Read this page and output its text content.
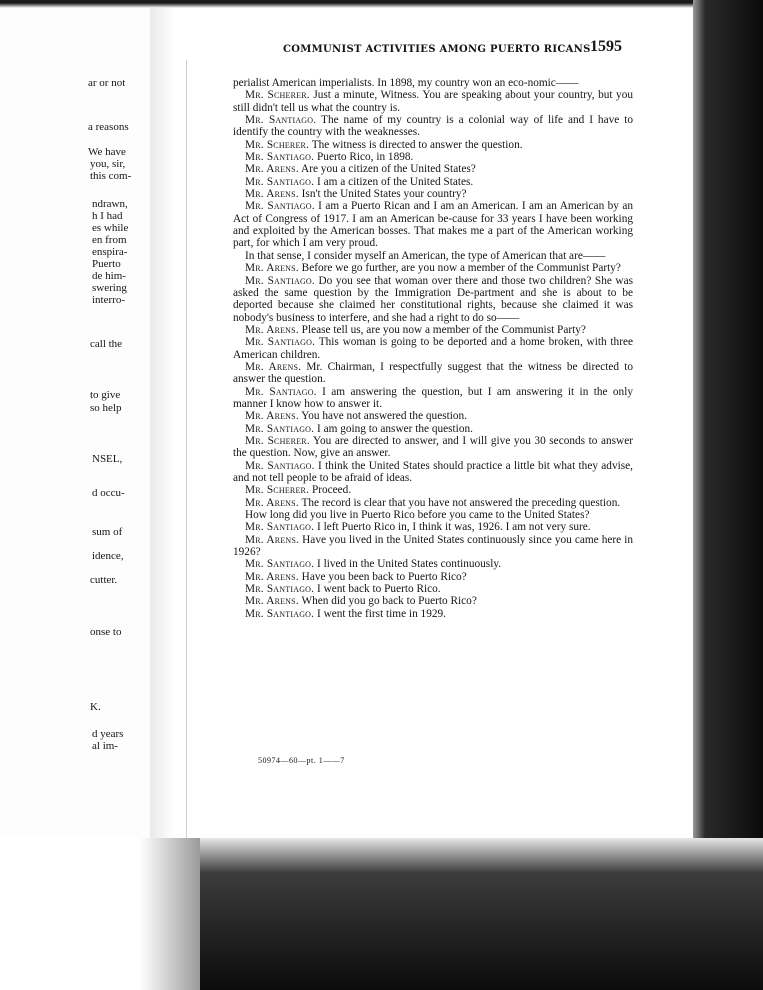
ar or not
a reasons
We have
you, sir,
this com-
ndrawn,
h I had
es while
en from
enspira-
Puerto
de him-
swering
interro-
call the
to give
so help
NSEL,
d occu-
sum of
idence,
cutter.
onse to
K.
d years
al im-
COMMUNIST ACTIVITIES AMONG PUERTO RICANS 1595

perialist American imperialists. In 1898, my country won an eco-nomic——

Mr. Scherer. Just a minute, Witness. You are speaking about your country, but you still didn't tell us what the country is.

Mr. Santiago. The name of my country is a colonial way of life and I have to identify the country with the weaknesses.

Mr. Scherer. The witness is directed to answer the question.

Mr. Santiago. Puerto Rico, in 1898.

Mr. Arens. Are you a citizen of the United States?

Mr. Santiago. I am a citizen of the United States.

Mr. Arens. Isn't the United States your country?

Mr. Santiago. I am a Puerto Rican and I am an American. I am an American by an Act of Congress of 1917. I am an American be-cause for 33 years I have been working and exploited by the American bosses. That makes me a part of the American working part, for which I am very proud.

In that sense, I consider myself an American, the type of American that are——

Mr. Arens. Before we go further, are you now a member of the Communist Party?

Mr. Santiago. Do you see that woman over there and those two children? She was asked the same question by the Immigration De-partment and she is about to be deported because she claimed her constitutional rights, because she claimed it was nobody's business to interfere, and she had a right to do so——

Mr. Arens. Please tell us, are you now a member of the Communist Party?

Mr. Santiago. This woman is going to be deported and a home broken, with three American children.

Mr. Arens. Mr. Chairman, I respectfully suggest that the witness be directed to answer the question.

Mr. Santiago. I am answering the question, but I am answering it in the only manner I know how to answer it.

Mr. Arens. You have not answered the question.

Mr. Santiago. I am going to answer the question.

Mr. Scherer. You are directed to answer, and I will give you 30 seconds to answer the question. Now, give an answer.

Mr. Santiago. I think the United States should practice a little bit what they advise, and not tell people to be afraid of ideas.

Mr. Scherer. Proceed.

Mr. Arens. The record is clear that you have not answered the preceding question.

How long did you live in Puerto Rico before you came to the United States?

Mr. Santiago. I left Puerto Rico in, I think it was, 1926. I am not very sure.

Mr. Arens. Have you lived in the United States continuously since you came here in 1926?

Mr. Santiago. I lived in the United States continuously.

Mr. Arens. Have you been back to Puerto Rico?

Mr. Santiago. I went back to Puerto Rico.

Mr. Arens. When did you go back to Puerto Rico?

Mr. Santiago. I went the first time in 1929.

50974—60—pt. 1——7
